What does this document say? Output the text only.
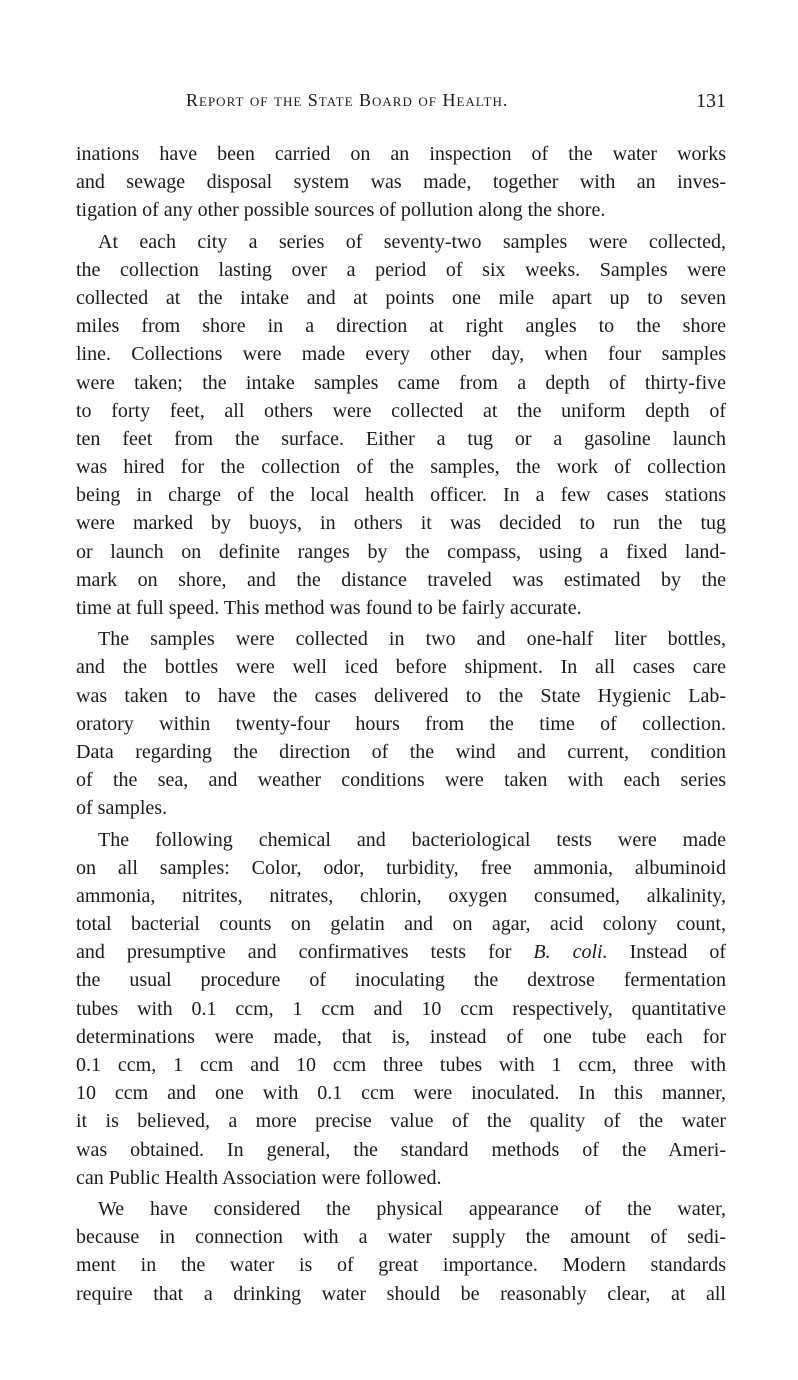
Report of the State Board of Health.	131

inations have been carried on an inspection of the water works
and sewage disposal system was made, together with an inves-
tigation of any other possible sources of pollution along the shore.

At each city a series of seventy-two samples were collected,
the collection lasting over a period of six weeks. Samples were
collected at the intake and at points one mile apart up to seven
miles from shore in a direction at right angles to the shore
line. Collections were made every other day, when four samples
were taken; the intake samples came from a depth of thirty-five
to forty feet, all others were collected at the uniform depth of
ten feet from the surface. Either a tug or a gasoline launch
was hired for the collection of the samples, the work of collection
being in charge of the local health officer. In a few cases stations
were marked by buoys, in others it was decided to run the tug
or launch on definite ranges by the compass, using a fixed land-
mark on shore, and the distance traveled was estimated by the
time at full speed. This method was found to be fairly accurate.

The samples were collected in two and one-half liter bottles,
and the bottles were well iced before shipment. In all cases care
was taken to have the cases delivered to the State Hygienic Lab-
oratory within twenty-four hours from the time of collection.
Data regarding the direction of the wind and current, condition
of the sea, and weather conditions were taken with each series
of samples.

The following chemical and bacteriological tests were made
on all samples: Color, odor, turbidity, free ammonia, albuminoid
ammonia, nitrites, nitrates, chlorin, oxygen consumed, alkalinity,
total bacterial counts on gelatin and on agar, acid colony count,
and presumptive and confirmatives tests for B. coli. Instead of
the usual procedure of inoculating the dextrose fermentation
tubes with 0.1 ccm, 1 ccm and 10 ccm respectively, quantitative
determinations were made, that is, instead of one tube each for
0.1 ccm, 1 ccm and 10 ccm three tubes with 1 ccm, three with
10 ccm and one with 0.1 ccm were inoculated. In this manner,
it is believed, a more precise value of the quality of the water
was obtained. In general, the standard methods of the Ameri-
can Public Health Association were followed.

We have considered the physical appearance of the water,
because in connection with a water supply the amount of sedi-
ment in the water is of great importance. Modern standards
require that a drinking water should be reasonably clear, at all
